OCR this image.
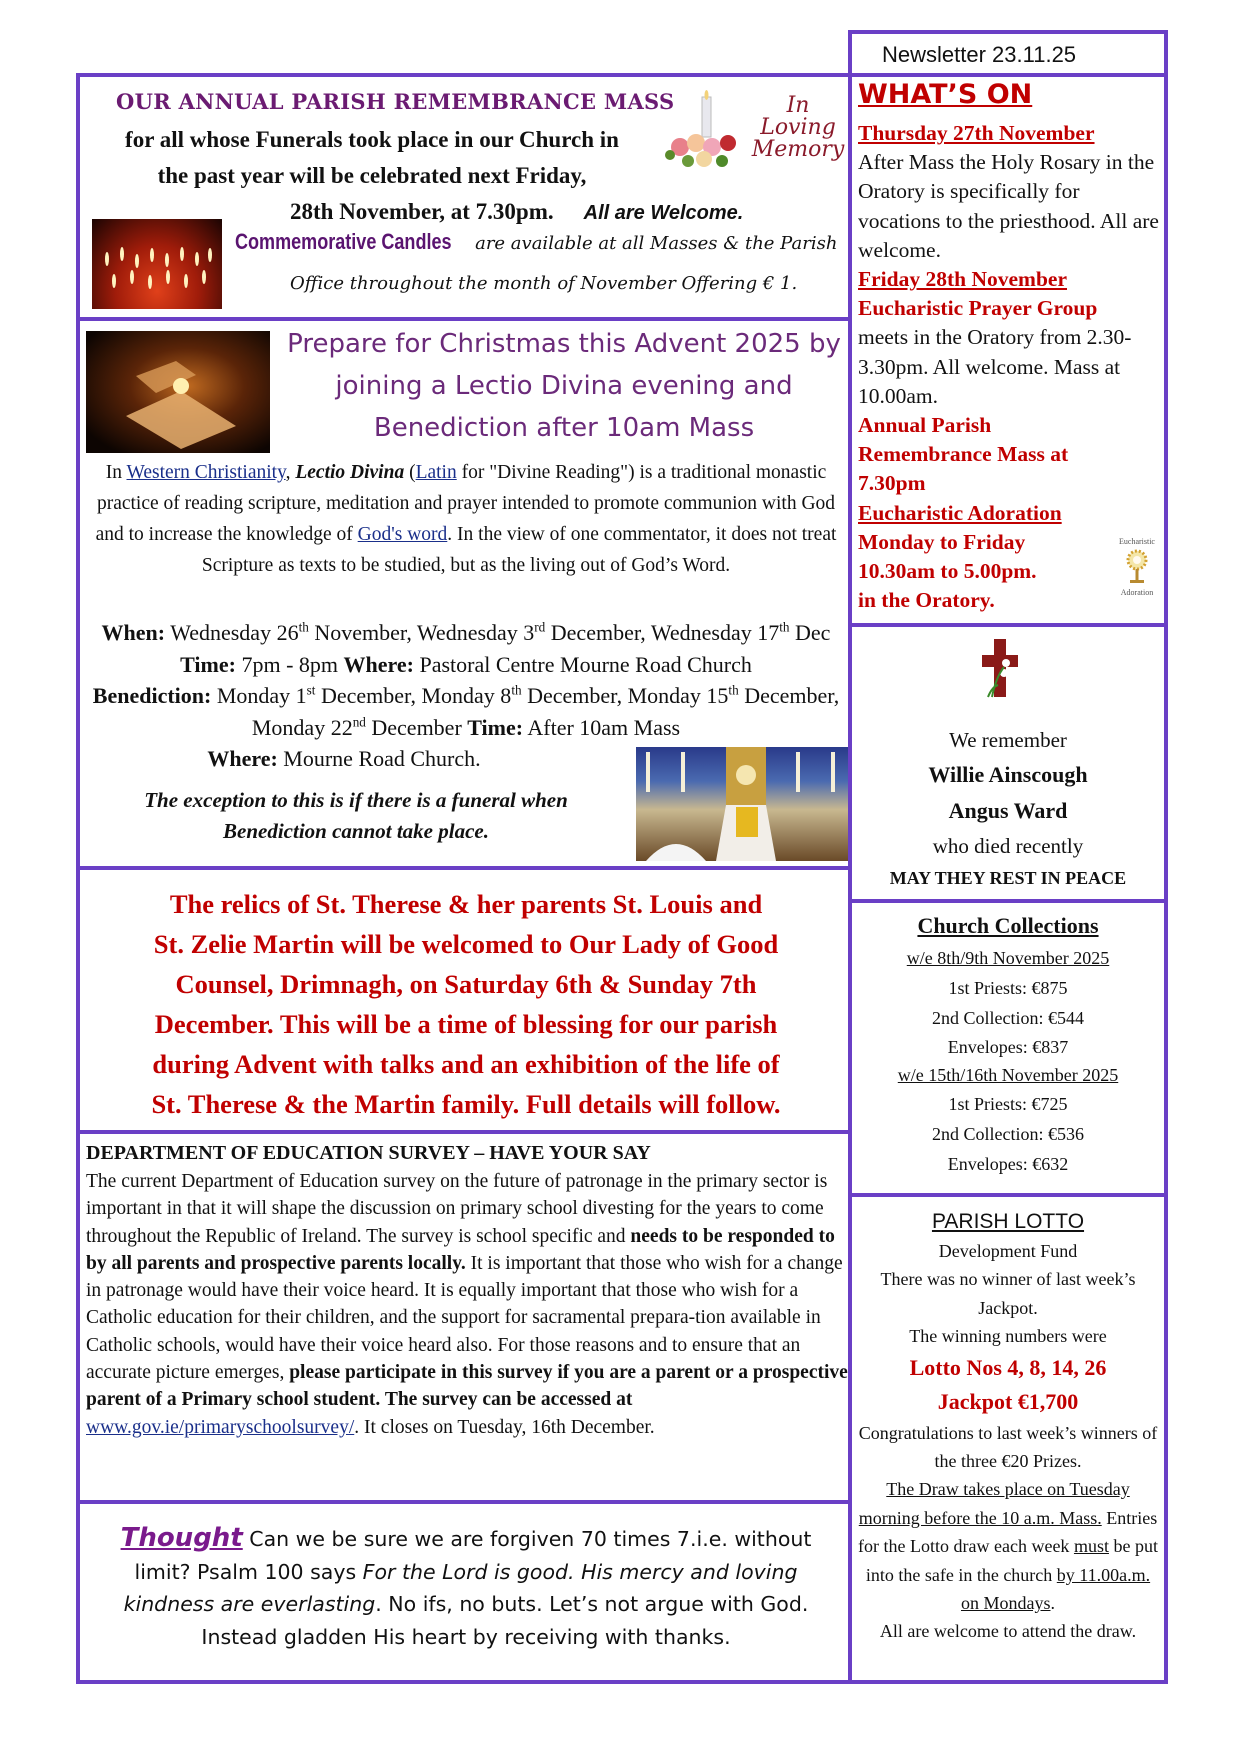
Newsletter 23.11.25
OUR ANNUAL PARISH REMEMBRANCE MASS
for all whose Funerals took place in our Church in
the past year will be celebrated next Friday,
28th November, at 7.30pm. All are Welcome.
In
Loving
Memory
Commemorative Candles are available at all Masses & the Parish
Office throughout the month of November Offering € 1.
Prepare for Christmas this Advent 2025 by
joining a Lectio Divina evening and
Benediction after 10am Mass
In Western Christianity, Lectio Divina (Latin for "Divine Reading") is a traditional monastic practice of reading scripture, meditation and prayer intended to promote communion with God and to increase the knowledge of God's word. In the view of one commentator, it does not treat Scripture as texts to be studied, but as the living out of God’s Word.
When: Wednesday 26th November, Wednesday 3rd December, Wednesday 17th Dec Time: 7pm - 8pm Where: Pastoral Centre Mourne Road Church
Benediction: Monday 1st December, Monday 8th December, Monday 15th December, Monday 22nd December Time: After 10am Mass
Where: Mourne Road Church.
The exception to this is if there is a funeral when
Benediction cannot take place.
The relics of St. Therese & her parents St. Louis and
St. Zelie Martin will be welcomed to Our Lady of Good
Counsel, Drimnagh, on Saturday 6th & Sunday 7th
December. This will be a time of blessing for our parish
during Advent with talks and an exhibition of the life of
St. Therese & the Martin family. Full details will follow.
DEPARTMENT OF EDUCATION SURVEY – HAVE YOUR SAY
The current Department of Education survey on the future of patronage in the primary sector is important in that it will shape the discussion on primary school divesting for the years to come throughout the Republic of Ireland. The survey is school specific and needs to be responded to by all parents and prospective parents locally. It is important that those who wish for a change in patronage would have their voice heard. It is equally important that those who wish for a Catholic education for their children, and the support for sacramental prepara-tion available in Catholic schools, would have their voice heard also. For those reasons and to ensure that an accurate picture emerges, please participate in this survey if you are a parent or a prospective parent of a Primary school student. The survey can be accessed at www.gov.ie/primaryschoolsurvey/. It closes on Tuesday, 16th December.
Thought Can we be sure we are forgiven 70 times 7.i.e. without limit? Psalm 100 says For the Lord is good. His mercy and loving kindness are everlasting. No ifs, no buts. Let’s not argue with God. Instead gladden His heart by receiving with thanks.
WHAT’S ON
Thursday 27th November
After Mass the Holy Rosary in the Oratory is specifically for vocations to the priesthood. All are welcome.
Friday 28th November
Eucharistic Prayer Group
meets in the Oratory from 2.30-3.30pm. All welcome. Mass at 10.00am.
Annual Parish Remembrance Mass at 7.30pm
Eucharistic Adoration
Monday to Friday
10.30am to 5.00pm.
in the Oratory.
Eucharistic
Adoration
We remember
Willie Ainscough
Angus Ward
who died recently
MAY THEY REST IN PEACE
Church Collections
w/e 8th/9th November 2025
1st Priests: €875
2nd Collection: €544
Envelopes: €837
w/e 15th/16th November 2025
1st Priests: €725
2nd Collection: €536
Envelopes: €632
PARISH LOTTO
Development Fund
There was no winner of last week’s Jackpot.
The winning numbers were
Lotto Nos 4, 8, 14, 26
Jackpot €1,700
Congratulations to last week’s winners of the three €20 Prizes.
The Draw takes place on Tuesday morning before the 10 a.m. Mass. Entries for the Lotto draw each week must be put into the safe in the church by 11.00a.m. on Mondays.
All are welcome to attend the draw.
